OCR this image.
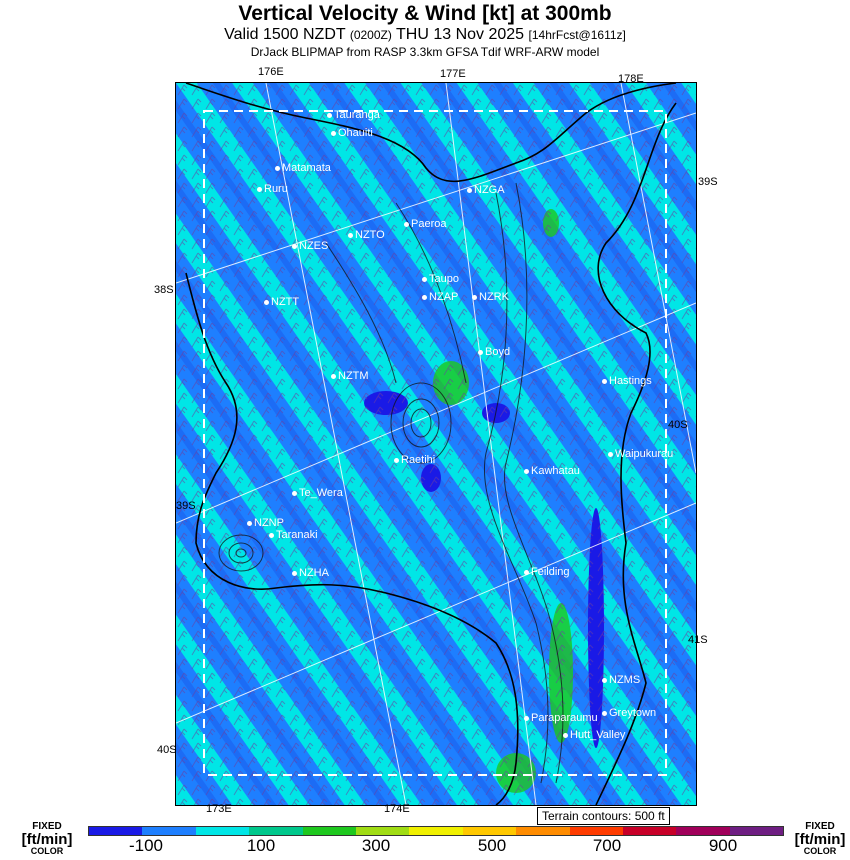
Vertical Velocity & Wind [kt] at 300mb
Valid 1500 NZDT (0200Z) THU 13 Nov 2025 [14hrFcst@1611z]
DrJack BLIPMAP from RASP 3.3km GFSA Tdif WRF-ARW model
176E	177E	178E
173E	174E
38S
39S
40S
39S
40S
41S
Tauranga
Ohauiti
Matamata
Ruru	NZGA
Paeroa
NZTO
NZES
Taupo
NZAP	NZRK
NZTT
Boyd
NZTM	Hastings
Raetihi	Waipukurau
Kawhatau
Te_Wera
NZNP
Taranaki
NZHA	Feilding
NZMS
Greytown
Paraparaumu
Hutt_Valley
Terrain contours: 500 ft
-100	100	300	500	700	900
FIXED
[ft/min]
COLOR
FIXED
[ft/min]
COLOR
